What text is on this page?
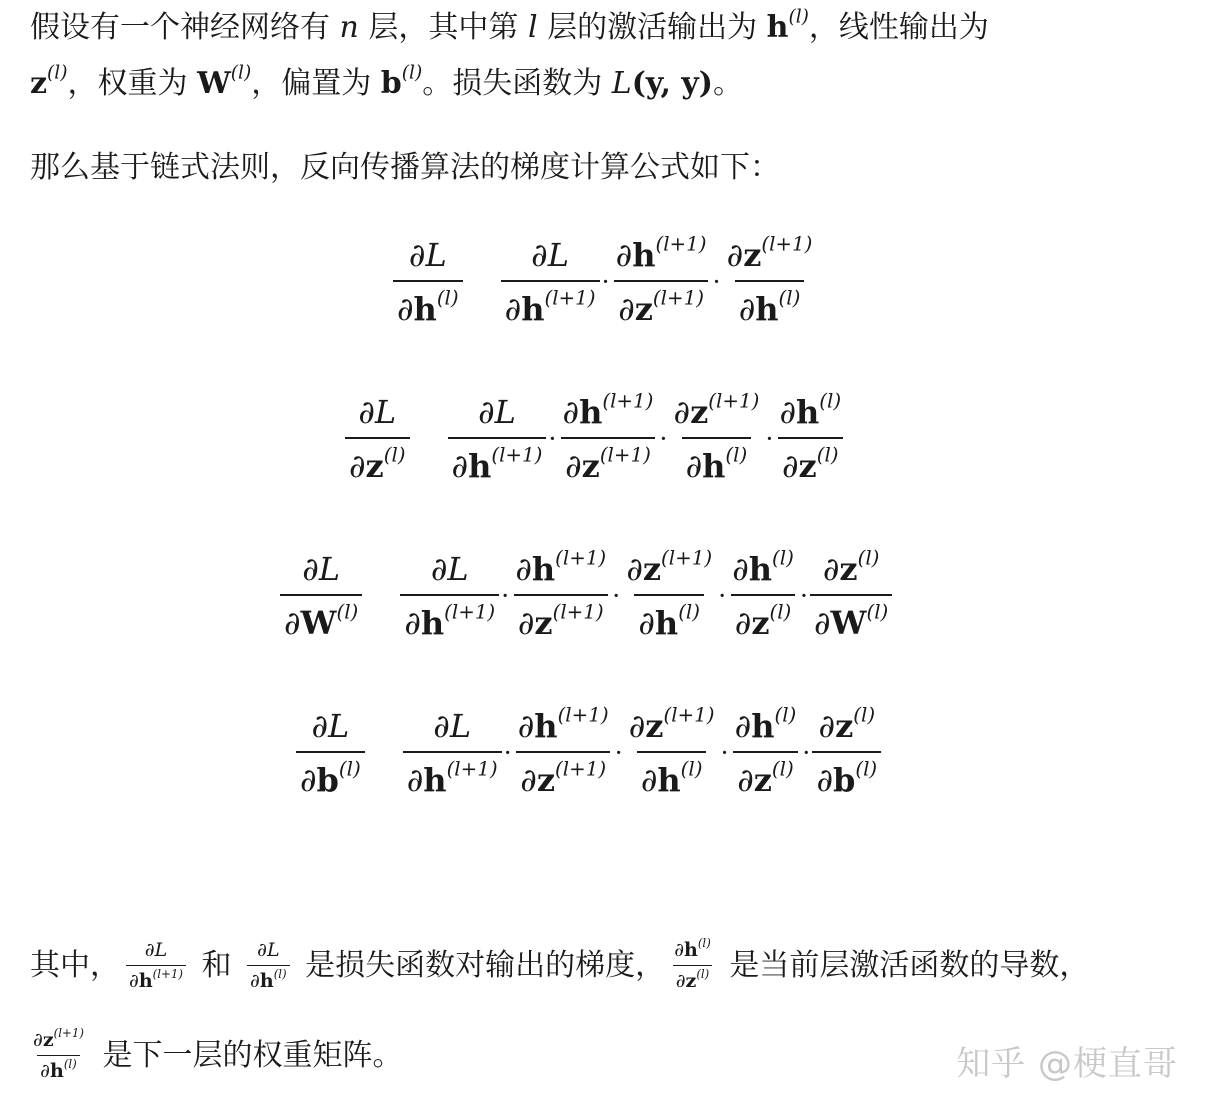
假设有一个神经网络有 n 层，其中第 l 层的激活输出为 $h^{(l)}$，线性输出为
$z^{(l)}$，权重为 $W^{(l)}$，偏置为 $b^{(l)}$。损失函数为 L(y, y)。
那么基于链式法则，反向传播算法的梯度计算公式如下：
$\frac{\partial L}{\partial h^{(l)}} \frac{\partial L}{\partial h^{(l+1)}} \cdot \frac{\partial h^{(l+1)}}{\partial z^{(l+1)}} \cdot \frac{\partial z^{(l+1)}}{\partial h^{(l)}}$
$\frac{\partial L}{\partial z^{(l)}} \frac{\partial L}{\partial h^{(l+1)}} \cdot \frac{\partial h^{(l+1)}}{\partial z^{(l+1)}} \cdot \frac{\partial z^{(l+1)}}{\partial h^{(l)}} \cdot \frac{\partial h^{(l)}}{\partial z^{(l)}}$
$\frac{\partial L}{\partial W^{(l)}} \frac{\partial L}{\partial h^{(l+1)}} \cdot \frac{\partial h^{(l+1)}}{\partial z^{(l+1)}} \cdot \frac{\partial z^{(l+1)}}{\partial h^{(l)}} \cdot \frac{\partial h^{(l)}}{\partial z^{(l)}} \cdot \frac{\partial z^{(l)}}{\partial W^{(l)}}$
$\frac{\partial L}{\partial b^{(l)}} \frac{\partial L}{\partial h^{(l+1)}} \cdot \frac{\partial h^{(l+1)}}{\partial z^{(l+1)}} \cdot \frac{\partial z^{(l+1)}}{\partial h^{(l)}} \cdot \frac{\partial h^{(l)}}{\partial z^{(l)}} \cdot \frac{\partial z^{(l)}}{\partial b^{(l)}}$
其中， $\frac{\partial L}{\partial h^{(l+1)}}$ 和 $\frac{\partial L}{\partial h^{(l)}}$ 是损失函数对输出的梯度， $\frac{\partial h^{(l)}}{\partial z^{(l)}}$ 是当前层激活函数的导数，
$\frac{\partial z^{(l+1)}}{\partial h^{(l)}}$ 是下一层的权重矩阵。	知乎 @梗直哥
